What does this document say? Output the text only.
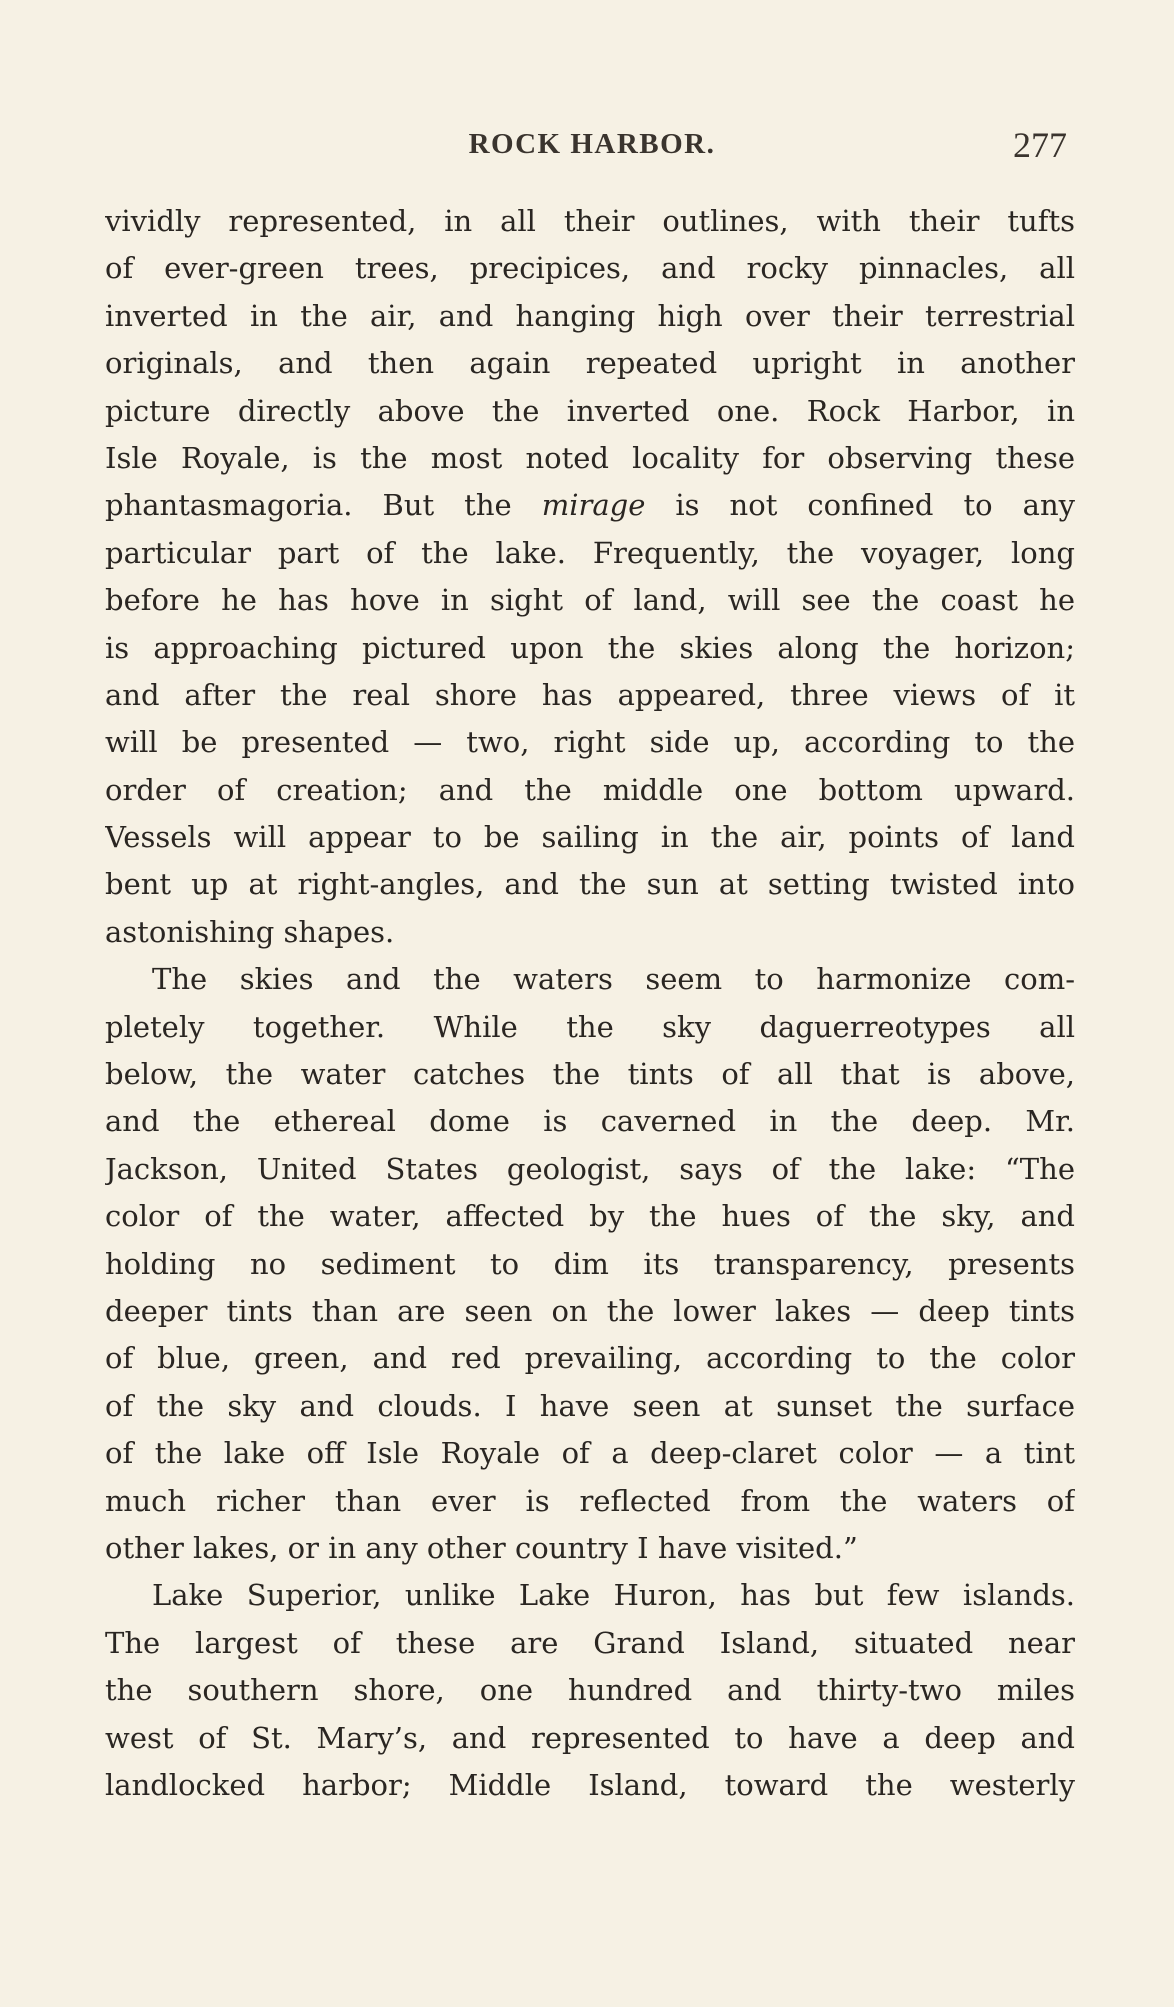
ROCK HARBOR.	277
vividly represented, in all their outlines, with their tufts
of ever-green trees, precipices, and rocky pinnacles, all
inverted in the air, and hanging high over their terrestrial
originals, and then again repeated upright in another
picture directly above the inverted one. Rock Harbor, in
Isle Royale, is the most noted locality for observing these
phantasmagoria. But the mirage is not confined to any
particular part of the lake. Frequently, the voyager, long
before he has hove in sight of land, will see the coast he
is approaching pictured upon the skies along the horizon;
and after the real shore has appeared, three views of it
will be presented — two, right side up, according to the
order of creation; and the middle one bottom upward.
Vessels will appear to be sailing in the air, points of land
bent up at right-angles, and the sun at setting twisted into
astonishing shapes.
The skies and the waters seem to harmonize com-
pletely together. While the sky daguerreotypes all
below, the water catches the tints of all that is above,
and the ethereal dome is caverned in the deep. Mr.
Jackson, United States geologist, says of the lake: “The
color of the water, affected by the hues of the sky, and
holding no sediment to dim its transparency, presents
deeper tints than are seen on the lower lakes — deep tints
of blue, green, and red prevailing, according to the color
of the sky and clouds. I have seen at sunset the surface
of the lake off Isle Royale of a deep-claret color — a tint
much richer than ever is reflected from the waters of
other lakes, or in any other country I have visited.”
Lake Superior, unlike Lake Huron, has but few islands.
The largest of these are Grand Island, situated near
the southern shore, one hundred and thirty-two miles
west of St. Mary’s, and represented to have a deep and
landlocked harbor; Middle Island, toward the westerly
